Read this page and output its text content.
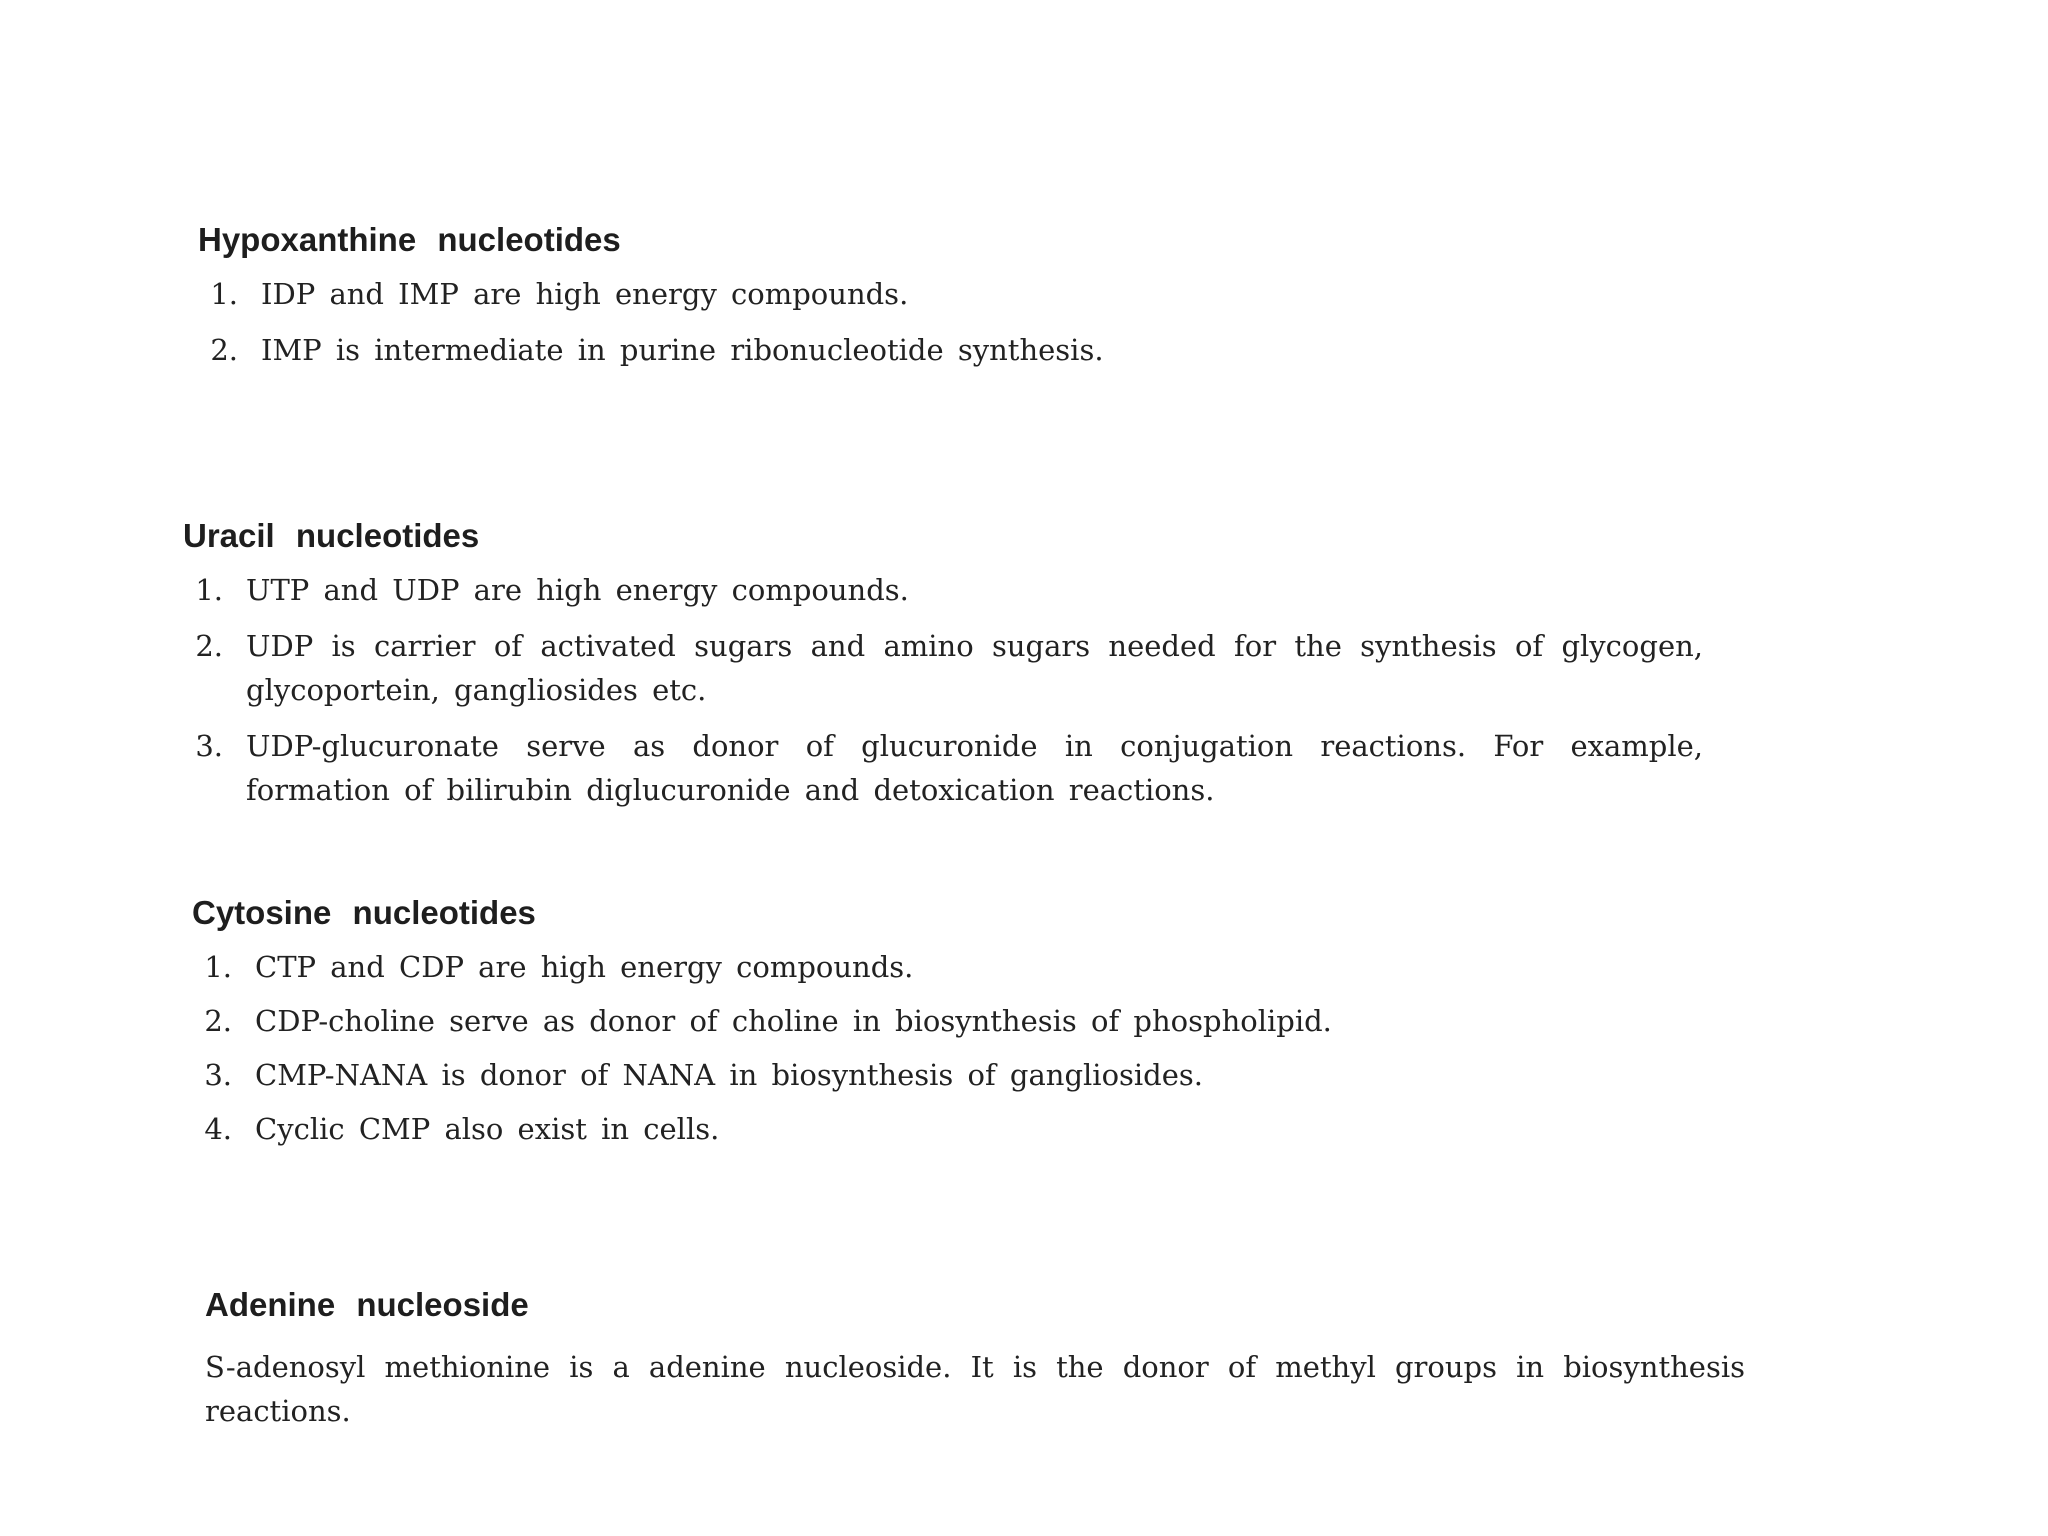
Hypoxanthine nucleotides
1. IDP and IMP are high energy compounds.
2. IMP is intermediate in purine ribonucleotide synthesis.
Uracil nucleotides
1. UTP and UDP are high energy compounds.
2. UDP is carrier of activated sugars and amino sugars needed for the synthesis of glycogen, glycoportein, gangliosides etc.
3. UDP-glucuronate serve as donor of glucuronide in conjugation reactions. For example, formation of bilirubin diglucuronide and detoxication reactions.
Cytosine nucleotides
1. CTP and CDP are high energy compounds.
2. CDP-choline serve as donor of choline in biosynthesis of phospholipid.
3. CMP-NANA is donor of NANA in biosynthesis of gangliosides.
4. Cyclic CMP also exist in cells.
Adenine nucleoside

S-adenosyl methionine is a adenine nucleoside. It is the donor of methyl groups in biosynthesis reactions.
